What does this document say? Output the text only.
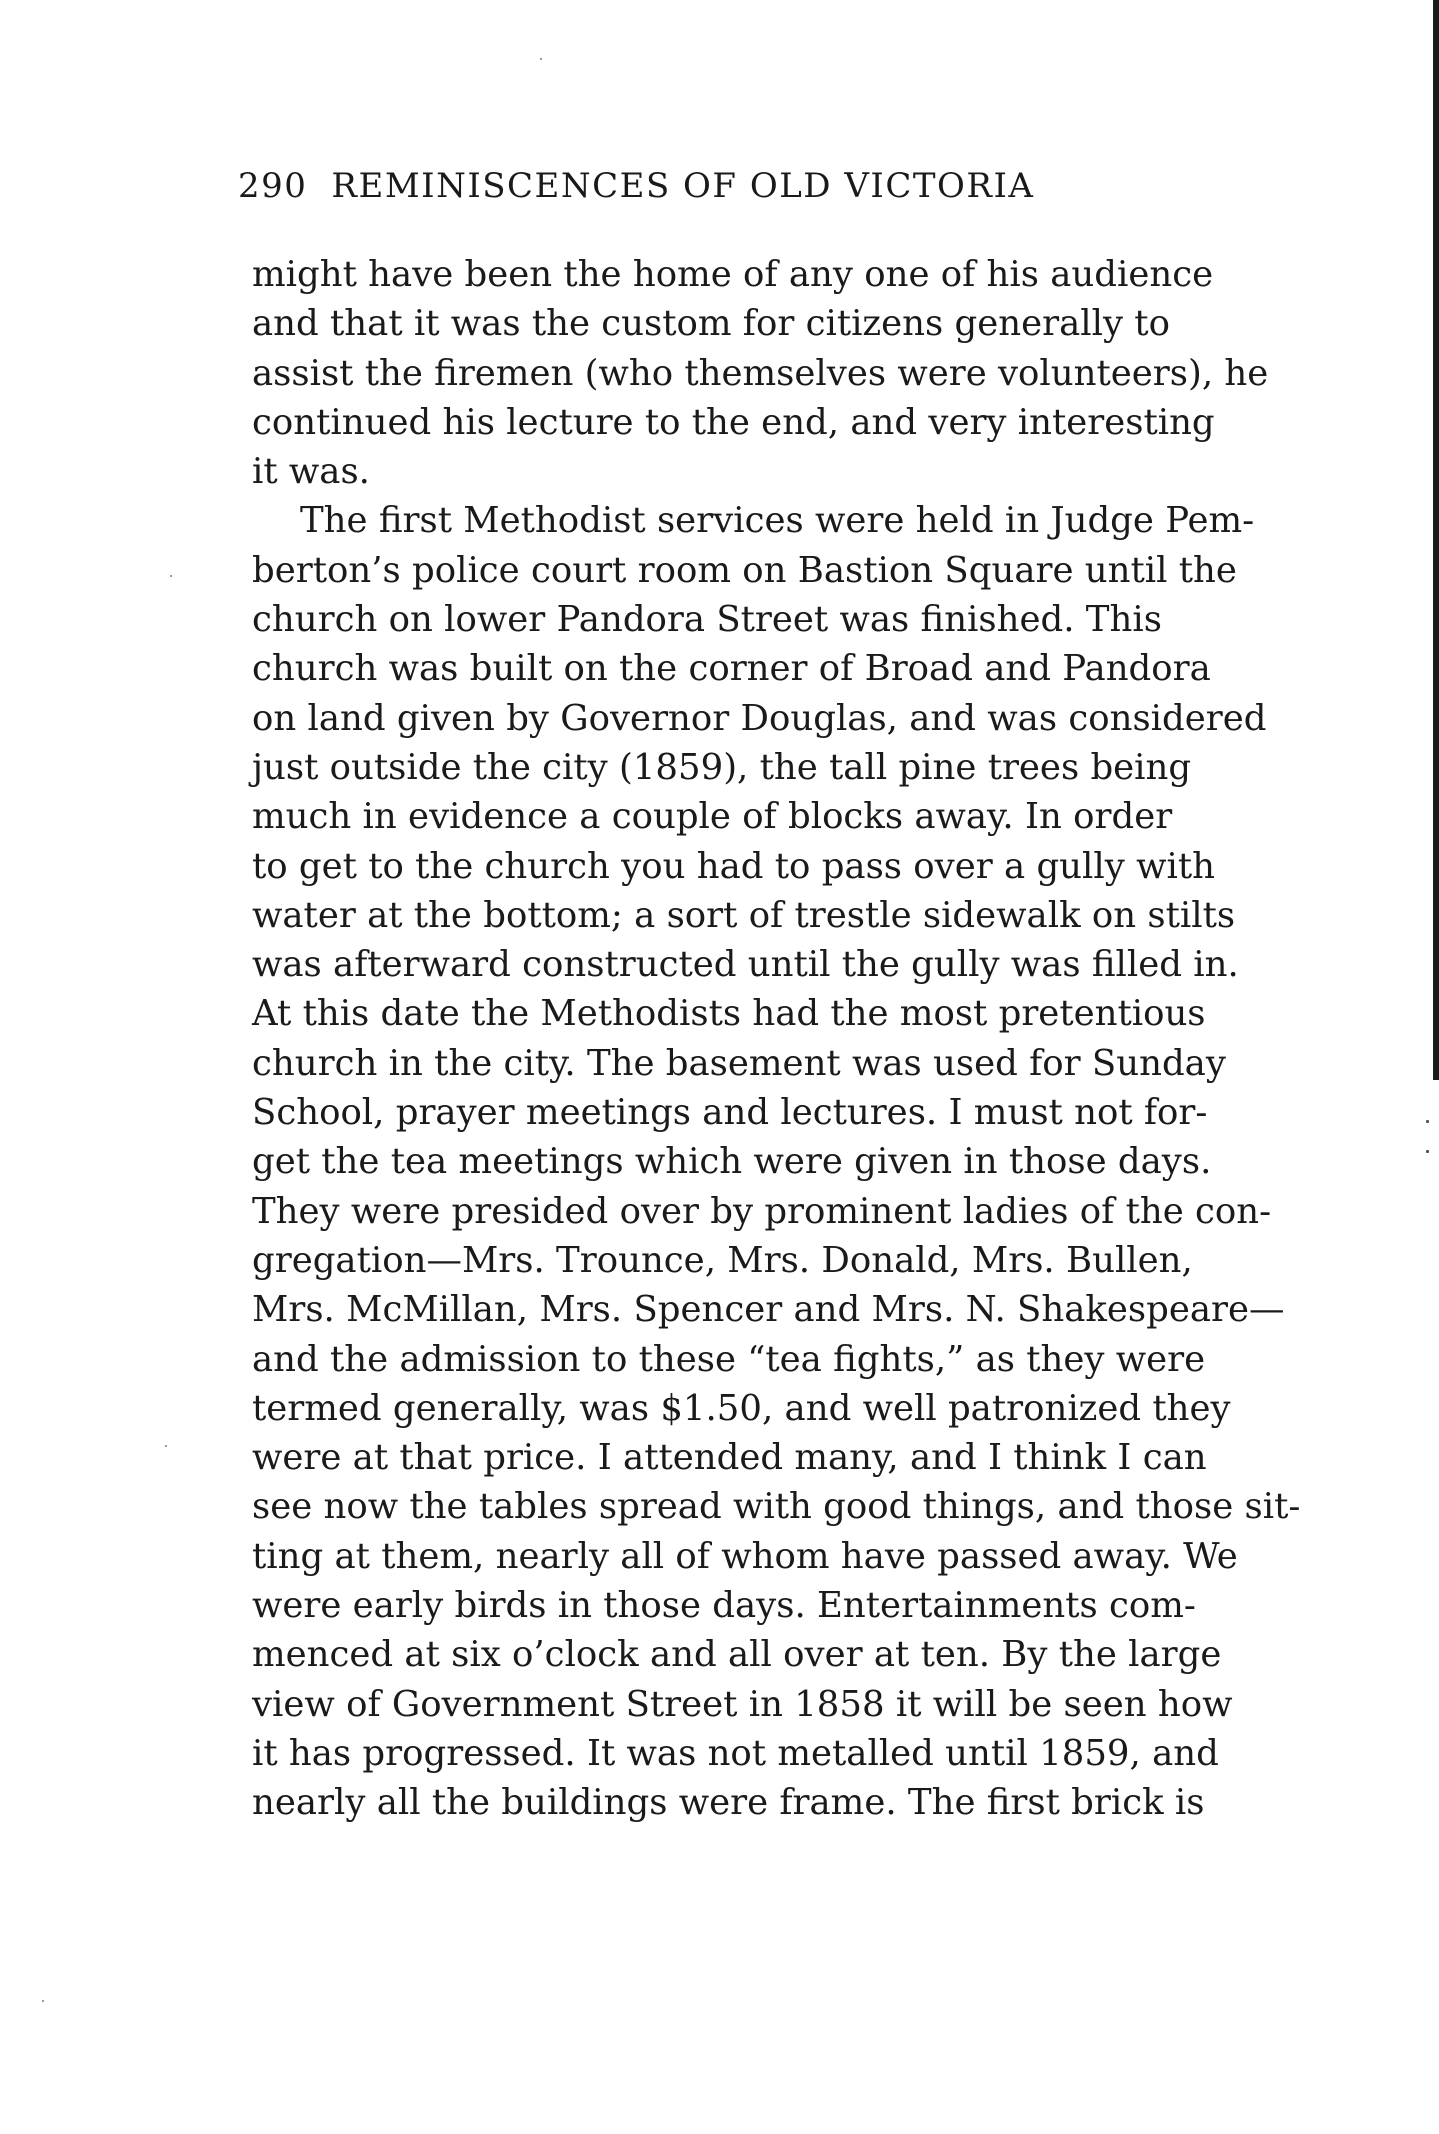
290 REMINISCENCES OF OLD VICTORIA
might have been the home of any one of his audience
and that it was the custom for citizens generally to
assist the firemen (who themselves were volunteers), he
continued his lecture to the end, and very interesting
it was.
The first Methodist services were held in Judge Pem-
berton’s police court room on Bastion Square until the
church on lower Pandora Street was finished. This
church was built on the corner of Broad and Pandora
on land given by Governor Douglas, and was considered
just outside the city (1859), the tall pine trees being
much in evidence a couple of blocks away. In order
to get to the church you had to pass over a gully with
water at the bottom; a sort of trestle sidewalk on stilts
was afterward constructed until the gully was filled in.
At this date the Methodists had the most pretentious
church in the city. The basement was used for Sunday
School, prayer meetings and lectures. I must not for-
get the tea meetings which were given in those days.
They were presided over by prominent ladies of the con-
gregation—Mrs. Trounce, Mrs. Donald, Mrs. Bullen,
Mrs. McMillan, Mrs. Spencer and Mrs. N. Shakespeare—
and the admission to these “tea fights,” as they were
termed generally, was $1.50, and well patronized they
were at that price. I attended many, and I think I can
see now the tables spread with good things, and those sit-
ting at them, nearly all of whom have passed away. We
were early birds in those days. Entertainments com-
menced at six o’clock and all over at ten. By the large
view of Government Street in 1858 it will be seen how
it has progressed. It was not metalled until 1859, and
nearly all the buildings were frame. The first brick is
